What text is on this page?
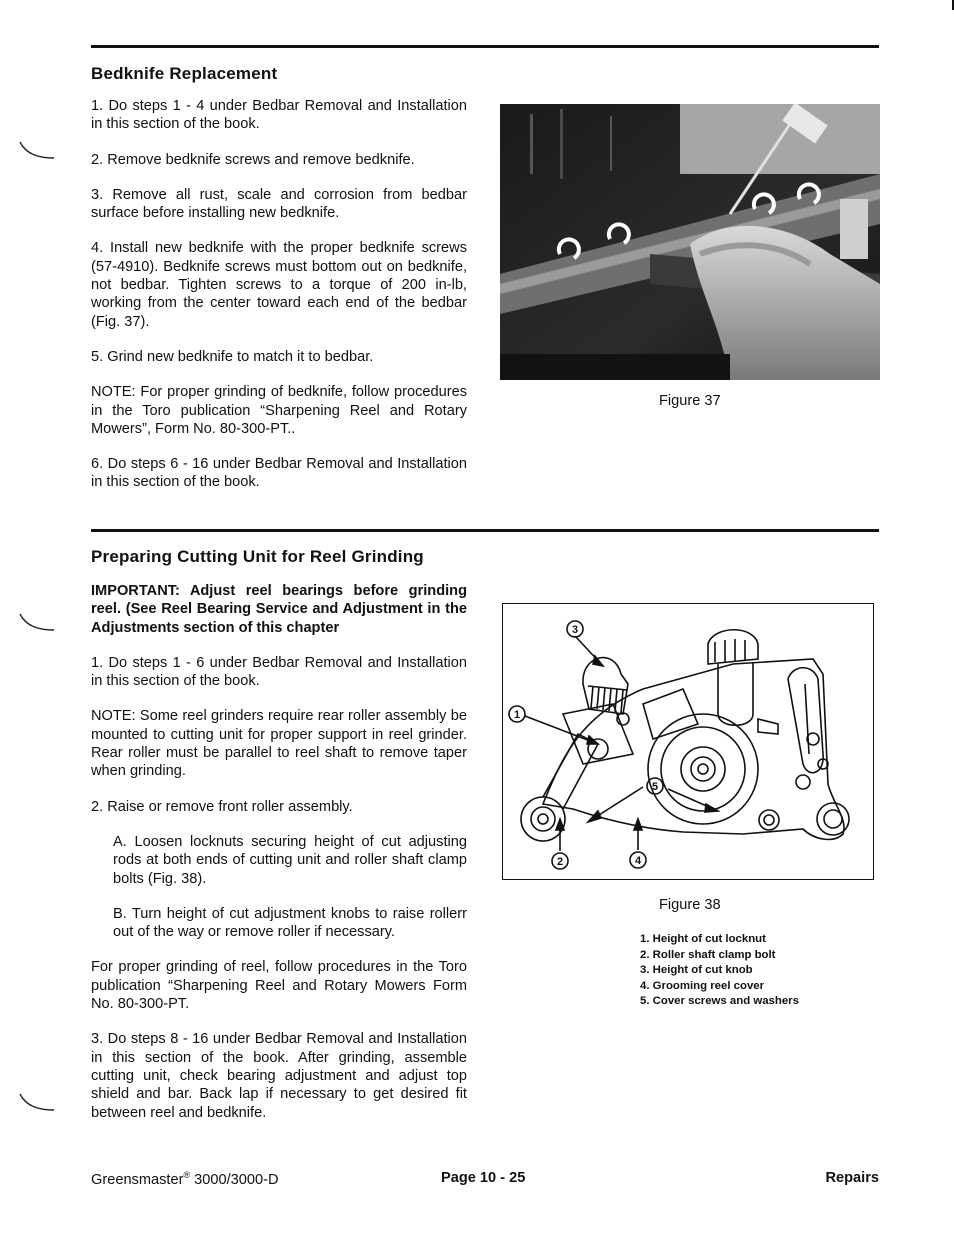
Bedknife Replacement

1. Do steps 1 - 4 under Bedbar Removal and Installation in this section of the book.

2. Remove bedknife screws and remove bedknife.

3. Remove all rust, scale and corrosion from bedbar surface before installing new bedknife.

4. Install new bedknife with the proper bedknife screws (57-4910). Bedknife screws must bottom out on bedknife, not bedbar. Tighten screws to a torque of 200 in-lb, working from the center toward each end of the bedbar (Fig. 37).

5. Grind new bedknife to match it to bedbar.

NOTE: For proper grinding of bedknife, follow procedures in the Toro publication “Sharpening Reel and Rotary Mowers”, Form No. 80-300-PT..

6. Do steps 6 - 16 under Bedbar Removal and Installation in this section of the book.

Figure 37
Preparing Cutting Unit for Reel Grinding

IMPORTANT: Adjust reel bearings before grinding reel. (See Reel Bearing Service and Adjustment in the Adjustments section of this chapter

1. Do steps 1 - 6 under Bedbar Removal and Installation in this section of the book.

NOTE: Some reel grinders require rear roller assembly be mounted to cutting unit for proper support in reel grinder. Rear roller must be parallel to reel shaft to remove taper when grinding.

2. Raise or remove front roller assembly.

A. Loosen locknuts securing height of cut adjusting rods at both ends of cutting unit and roller shaft clamp bolts (Fig. 38).

B. Turn height of cut adjustment knobs to raise rollerr out of the way or remove roller if necessary.

For proper grinding of reel, follow procedures in the Toro publication “Sharpening Reel and Rotary Mowers Form No. 80-300-PT.

3. Do steps 8 - 16 under Bedbar Removal and Installation in this section of the book. After grinding, assemble cutting unit, check bearing adjustment and adjust top shield and bar. Back lap if necessary to get desired fit between reel and bedknife.

1
2
3
4
5
Figure 38
1. Height of cut locknut
2. Roller shaft clamp bolt
3. Height of cut knob
4. Grooming reel cover
5. Cover screws and washers
Greensmaster® 3000/3000-D	Page 10 - 25	Repairs
